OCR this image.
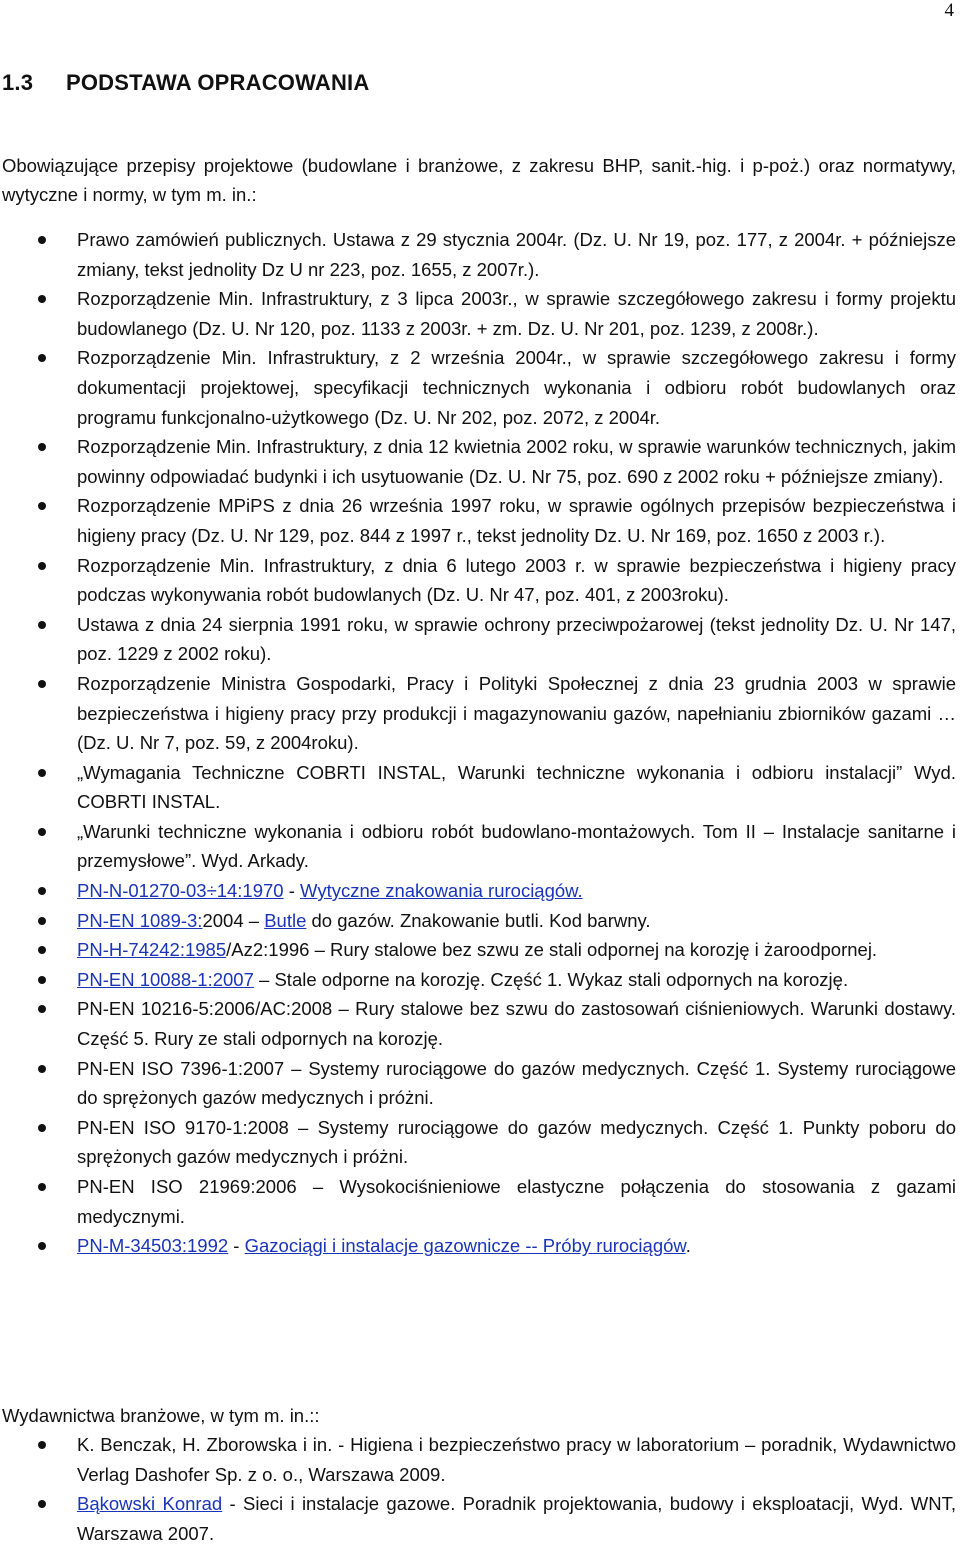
4
1.3 PODSTAWA OPRACOWANIA
Obowiązujące przepisy projektowe (budowlane i branżowe, z zakresu BHP, sanit.-hig. i p-poż.) oraz normatywy, wytyczne i normy, w tym m. in.:
Prawo zamówień publicznych. Ustawa z 29 stycznia 2004r. (Dz. U. Nr 19, poz. 177, z 2004r. + późniejsze zmiany, tekst jednolity Dz U nr 223, poz. 1655, z 2007r.).
Rozporządzenie Min. Infrastruktury, z 3 lipca 2003r., w sprawie szczegółowego zakresu i formy projektu budowlanego (Dz. U. Nr 120, poz. 1133 z 2003r. + zm. Dz. U. Nr 201, poz. 1239, z 2008r.).
Rozporządzenie Min. Infrastruktury, z 2 września 2004r., w sprawie szczegółowego zakresu i formy dokumentacji projektowej, specyfikacji technicznych wykonania i odbioru robót budowlanych oraz programu funkcjonalno-użytkowego (Dz. U. Nr 202, poz. 2072, z 2004r.
Rozporządzenie Min. Infrastruktury, z dnia 12 kwietnia 2002 roku, w sprawie warunków technicznych, jakim powinny odpowiadać budynki i ich usytuowanie (Dz. U. Nr 75, poz. 690 z 2002 roku + późniejsze zmiany).
Rozporządzenie MPiPS z dnia 26 września 1997 roku, w sprawie ogólnych przepisów bezpieczeństwa i higieny pracy (Dz. U. Nr 129, poz. 844 z 1997 r., tekst jednolity Dz. U. Nr 169, poz. 1650 z 2003 r.).
Rozporządzenie Min. Infrastruktury, z dnia 6 lutego 2003 r. w sprawie bezpieczeństwa i higieny pracy podczas wykonywania robót budowlanych (Dz. U. Nr 47, poz. 401, z 2003roku).
Ustawa z dnia 24 sierpnia 1991 roku, w sprawie ochrony przeciwpożarowej (tekst jednolity Dz. U. Nr 147, poz. 1229 z 2002 roku).
Rozporządzenie Ministra Gospodarki, Pracy i Polityki Społecznej z dnia 23 grudnia 2003 w sprawie bezpieczeństwa i higieny pracy przy produkcji i magazynowaniu gazów, napełnianiu zbiorników gazami … (Dz. U. Nr 7, poz. 59, z 2004roku).
„Wymagania Techniczne COBRTI INSTAL, Warunki techniczne wykonania i odbioru instalacji” Wyd. COBRTI INSTAL.
„Warunki techniczne wykonania i odbioru robót budowlano-montażowych. Tom II – Instalacje sanitarne i przemysłowe”. Wyd. Arkady.
PN-N-01270-03÷14:1970 - Wytyczne znakowania rurociągów.
PN-EN 1089-3:2004 – Butle do gazów. Znakowanie butli. Kod barwny.
PN-H-74242:1985/Az2:1996 – Rury stalowe bez szwu ze stali odpornej na korozję i żaroodpornej.
PN-EN 10088-1:2007 – Stale odporne na korozję. Część 1. Wykaz stali odpornych na korozję.
PN-EN 10216-5:2006/AC:2008 – Rury stalowe bez szwu do zastosowań ciśnieniowych. Warunki dostawy. Część 5. Rury ze stali odpornych na korozję.
PN-EN ISO 7396-1:2007 – Systemy rurociągowe do gazów medycznych. Część 1. Systemy rurociągowe do sprężonych gazów medycznych i próżni.
PN-EN ISO 9170-1:2008 – Systemy rurociągowe do gazów medycznych. Część 1. Punkty poboru do sprężonych gazów medycznych i próżni.
PN-EN ISO 21969:2006 – Wysokociśnieniowe elastyczne połączenia do stosowania z gazami medycznymi.
PN-M-34503:1992 - Gazociągi i instalacje gazownicze -- Próby rurociągów.
Wydawnictwa branżowe, w tym m. in.::
K. Benczak, H. Zborowska i in. - Higiena i bezpieczeństwo pracy w laboratorium – poradnik, Wydawnictwo Verlag Dashofer Sp. z o. o., Warszawa 2009.
Bąkowski Konrad - Sieci i instalacje gazowe. Poradnik projektowania, budowy i eksploatacji, Wyd. WNT, Warszawa 2007.
